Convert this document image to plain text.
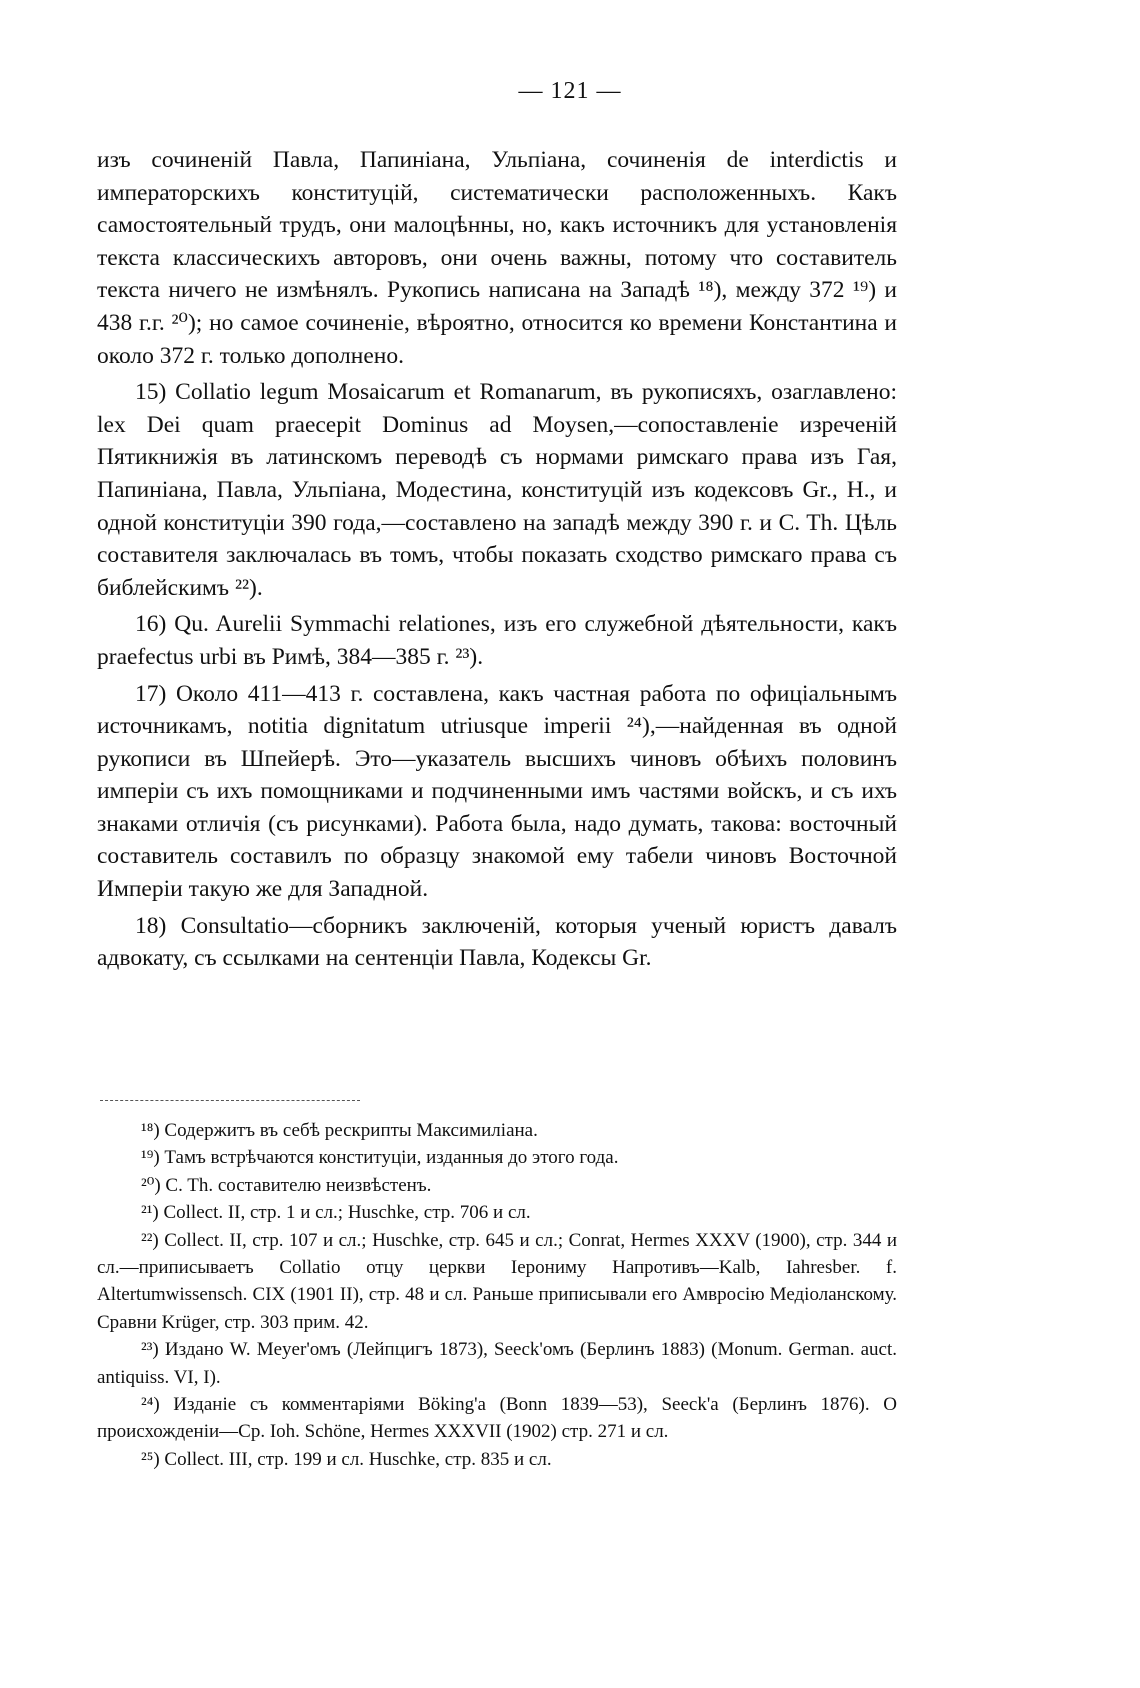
— 121 —

изъ сочиненій Павла, Папиніана, Ульпіана, сочиненія de interdictis и императорскихъ конституцій, систематически расположенныхъ. Какъ самостоятельный трудъ, они малоцѣнны, но, какъ источникъ для установленія текста классическихъ авторовъ, они очень важны, потому что составитель текста ничего не измѣнялъ. Рукопись написана на Западѣ ¹⁸), между 372 ¹⁹) и 438 г.г. ²⁰); но самое сочиненіе, вѣроятно, относится ко времени Константина и около 372 г. только дополнено.

15) Collatio legum Mosaicarum et Romanarum, въ рукописяхъ, озаглавлено: lex Dei quam praecepit Dominus ad Moysen,—сопоставленіе изреченій Пятикнижія въ латинскомъ переводѣ съ нормами римскаго права изъ Гая, Папиніана, Павла, Ульпіана, Модестина, конституцій изъ кодексовъ Gr., H., и одной конституціи 390 года,—составлено на западѣ между 390 г. и C. Th. Цѣль составителя заключалась въ томъ, чтобы показать сходство римскаго права съ библейскимъ ²²).

16) Qu. Aurelii Symmachi relationes, изъ его служебной дѣятельности, какъ praefectus urbi въ Римѣ, 384—385 г. ²³).

17) Около 411—413 г. составлена, какъ частная работа по офиціальнымъ источникамъ, notitia dignitatum utriusque imperii ²⁴),—найденная въ одной рукописи въ Шпейерѣ. Это—указатель высшихъ чиновъ обѣихъ половинъ имперіи съ ихъ помощниками и подчиненными имъ частями войскъ, и съ ихъ знаками отличія (съ рисунками). Работа была, надо думать, такова: восточный составитель составилъ по образцу знакомой ему табели чиновъ Восточной Имперіи такую же для Западной.

18) Consultatio—сборникъ заключеній, которыя ученый юристъ давалъ адвокату, съ ссылками на сентенціи Павла, Кодексы Gr.

¹⁸) Содержитъ въ себѣ рескрипты Максимиліана.

¹⁹) Тамъ встрѣчаются конституціи, изданныя до этого года.

²⁰) C. Th. составителю неизвѣстенъ.

²¹) Collect. II, стр. 1 и сл.; Huschke, стр. 706 и сл.

²²) Collect. II, стр. 107 и сл.; Huschke, стр. 645 и сл.; Conrat, Hermes XXXV (1900), стр. 344 и сл.—приписываетъ Collatio отцу церкви Іерониму Напротивъ—Kalb, Iahresber. f. Altertumwissensch. CIX (1901 II), стр. 48 и сл. Раньше приписывали его Амвросію Медіоланскому. Сравни Krüger, стр. 303 прим. 42.

²³) Издано W. Meyer'омъ (Лейпцигъ 1873), Seeck'омъ (Берлинъ 1883) (Monum. German. auct. antiquiss. VI, I).

²⁴) Изданіе съ комментаріями Böking'a (Bonn 1839—53), Seeck'a (Берлинъ 1876). О происхожденіи—Ср. Ioh. Schöne, Hermes XXXVII (1902) стр. 271 и сл.

²⁵) Collect. III, стр. 199 и сл. Huschke, стр. 835 и сл.
